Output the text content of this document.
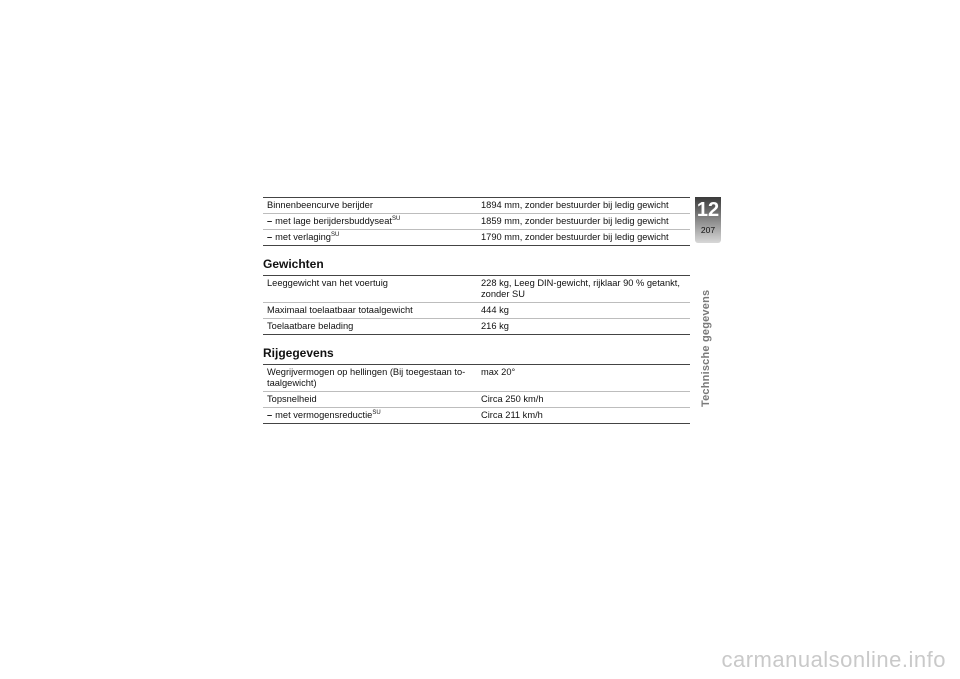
Binnenbeencurve berijder	1894 mm, zonder bestuurder bij ledig gewicht
– met lage berijdersbuddyseat$^{SU}$	1859 mm, zonder bestuurder bij ledig gewicht
– met verlaging$^{SU}$	1790 mm, zonder bestuurder bij ledig gewicht
Gewichten
Leeggewicht van het voertuig	228 kg, Leeg DIN-gewicht, rijklaar 90 % getankt, zonder SU
Maximaal toelaatbaar totaalgewicht	444 kg
Toelaatbare belading	216 kg
Rijgegevens
Wegrijvermogen op hellingen (Bij toegestaan to-taalgewicht)	max 20°
Topsnelheid	Circa 250 km/h
– met vermogensreductie$^{SU}$	Circa 211 km/h
12
207
Technische gegevens
carmanualsonline.info
